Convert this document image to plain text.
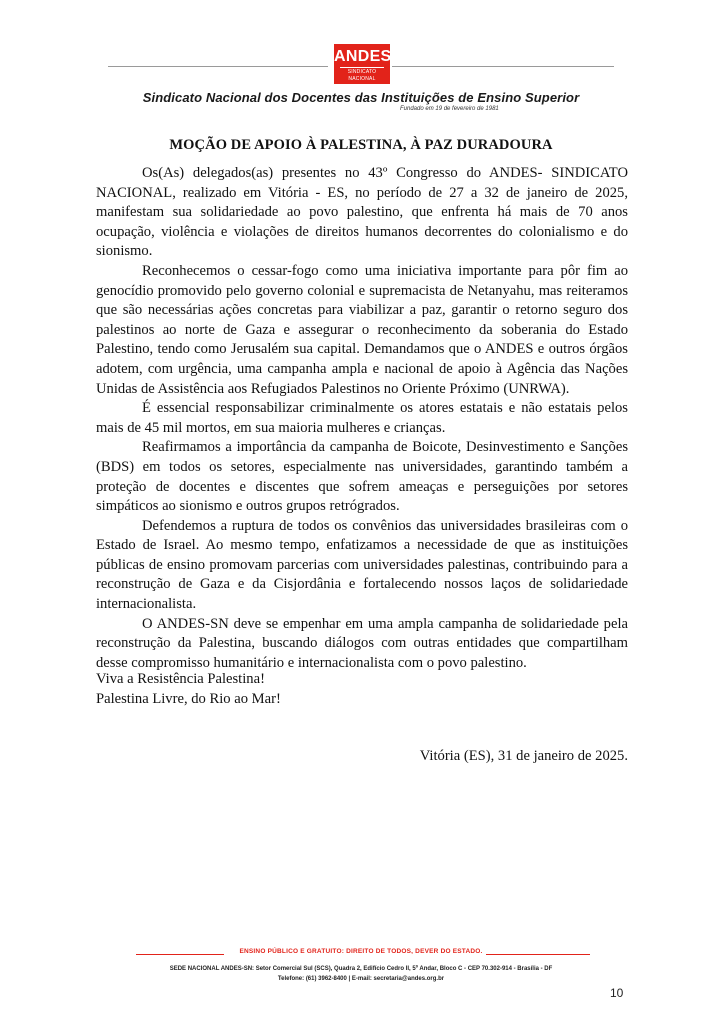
ANDES
SINDICATO NACIONAL
Sindicato Nacional dos Docentes das Instituições de Ensino Superior
Fundado em 19 de fevereiro de 1981
MOÇÃO DE APOIO À PALESTINA, À PAZ DURADOURA

Os(As) delegados(as) presentes no 43º Congresso do ANDES- SINDICATO NACIONAL, realizado em Vitória - ES, no período de 27 a 32 de janeiro de 2025, manifestam sua solidariedade ao povo palestino, que enfrenta há mais de 70 anos ocupação, violência e violações de direitos humanos decorrentes do colonialismo e do sionismo.

Reconhecemos o cessar-fogo como uma iniciativa importante para pôr fim ao genocídio promovido pelo governo colonial e supremacista de Netanyahu, mas reiteramos que são necessárias ações concretas para viabilizar a paz, garantir o retorno seguro dos palestinos ao norte de Gaza e assegurar o reconhecimento da soberania do Estado Palestino, tendo como Jerusalém sua capital. Demandamos que o ANDES e outros órgãos adotem, com urgência, uma campanha ampla e nacional de apoio à Agência das Nações Unidas de Assistência aos Refugiados Palestinos no Oriente Próximo (UNRWA).

É essencial responsabilizar criminalmente os atores estatais e não estatais pelos mais de 45 mil mortos, em sua maioria mulheres e crianças.

Reafirmamos a importância da campanha de Boicote, Desinvestimento e Sanções (BDS) em todos os setores, especialmente nas universidades, garantindo também a proteção de docentes e discentes que sofrem ameaças e perseguições por setores simpáticos ao sionismo e outros grupos retrógrados.

Defendemos a ruptura de todos os convênios das universidades brasileiras com o Estado de Israel. Ao mesmo tempo, enfatizamos a necessidade de que as instituições públicas de ensino promovam parcerias com universidades palestinas, contribuindo para a reconstrução de Gaza e da Cisjordânia e fortalecendo nossos laços de solidariedade internacionalista.

O ANDES-SN deve se empenhar em uma ampla campanha de solidariedade pela reconstrução da Palestina, buscando diálogos com outras entidades que compartilham desse compromisso humanitário e internacionalista com o povo palestino.

Viva a Resistência Palestina!
Palestina Livre, do Rio ao Mar!
Vitória (ES), 31 de janeiro de 2025.
ENSINO PÚBLICO E GRATUITO: DIREITO DE TODOS, DEVER DO ESTADO.
SEDE NACIONAL ANDES-SN: Setor Comercial Sul (SCS), Quadra 2, Edifício Cedro II, 5º Andar, Bloco C - CEP 70.302-914 - Brasília - DF
Telefone: (61) 3962-8400 | E-mail: secretaria@andes.org.br
10
